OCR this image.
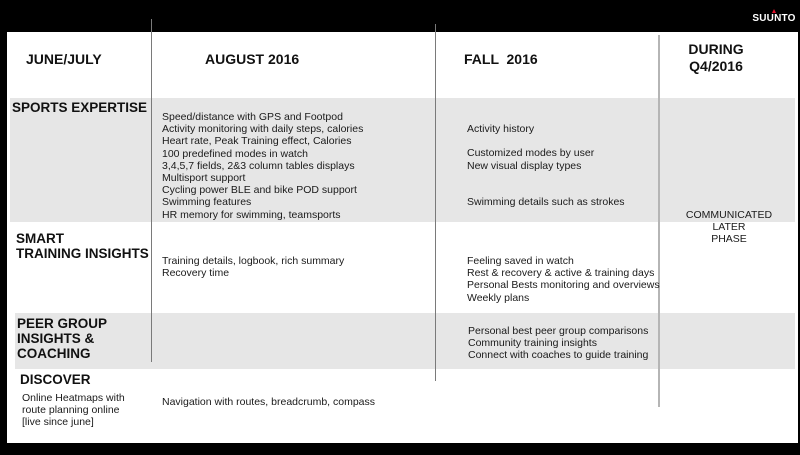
SUUNTO
JUNE/JULY	AUGUST 2016	FALL  2016
DURING
Q4/2016
SPORTS EXPERTISE
SMART
TRAINING INSIGHTS
PEER GROUP
INSIGHTS &
COACHING
DISCOVER
Speed/distance with GPS and Footpod
Activity monitoring with daily steps, calories
Heart rate, Peak Training effect, Calories
100 predefined modes in watch
3,4,5,7 fields, 2&3 column tables displays
Multisport support
Cycling power BLE and bike POD support
Swimming features
HR memory for swimming, teamsports
Activity history
Customized modes by user
New visual display types
Swimming details such as strokes
COMMUNICATED
LATER
PHASE
Training details, logbook, rich summary
Recovery time
Feeling saved in watch
Rest & recovery & active & training days
Personal Bests monitoring and overviews
Weekly plans
Personal best peer group comparisons
Community training insights
Connect with coaches to guide training
Online Heatmaps with
route planning online
[live since june]
Navigation with routes, breadcrumb, compass
